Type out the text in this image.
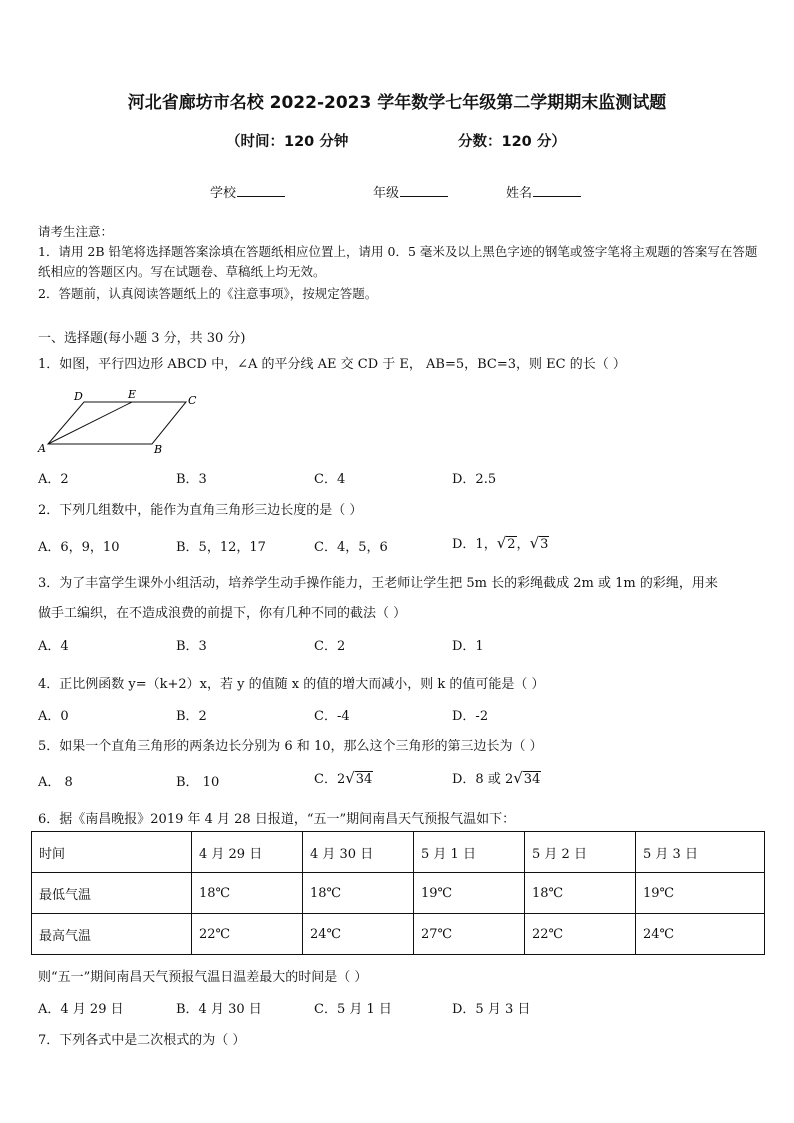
河北省廊坊市名校 2022-2023 学年数学七年级第二学期期末监测试题
（时间：120 分钟	分数：120 分）
学校	年级	姓名
请考生注意：
1．请用 2B 铅笔将选择题答案涂填在答题纸相应位置上，请用 0．5 毫米及以上黑色字迹的钢笔或签字笔将主观题的答案写在答题纸相应的答题区内。写在试题卷、草稿纸上均无效。
2．答题前，认真阅读答题纸上的《注意事项》，按规定答题。
一、选择题(每小题 3 分，共 30 分)
1．如图，平行四边形 ABCD 中，∠A 的平分线 AE 交 CD 于 E， AB=5，BC=3，则 EC 的长（ ）
A	B
C
D	E
A．2	B．3	C．4	D．2.5
2．下列几组数中，能作为直角三角形三边长度的是（ ）
A．6，9，10	B．5，12，17	C．4，5，6	D．1，√2，√3
3．为了丰富学生课外小组活动，培养学生动手操作能力，王老师让学生把 5m 长的彩绳截成 2m 或 1m 的彩绳，用来
做手工编织，在不造成浪费的前提下，你有几种不同的截法（ ）
A．4	B．3	C．2	D．1
4．正比例函数 y=（k+2）x，若 y 的值随 x 的值的增大而减小，则 k 的值可能是（ ）
A．0	B．2	C．-4	D．-2
5．如果一个直角三角形的两条边长分别为 6 和 10，那么这个三角形的第三边长为（ ）
A． 8	B． 10	C．2√34	D．8 或 2√34
6．据《南昌晚报》2019 年 4 月 28 日报道，“五一”期间南昌天气预报气温如下：
时间	4 月 29 日	4 月 30 日	5 月 1 日	5 月 2 日	5 月 3 日
最低气温	18℃	18℃	19℃	18℃	19℃
最高气温	22℃	24℃	27℃	22℃	24℃
则“五一”期间南昌天气预报气温日温差最大的时间是（ ）
A．4 月 29 日	B．4 月 30 日	C．5 月 1 日	D．5 月 3 日
7．下列各式中是二次根式的为（ ）
